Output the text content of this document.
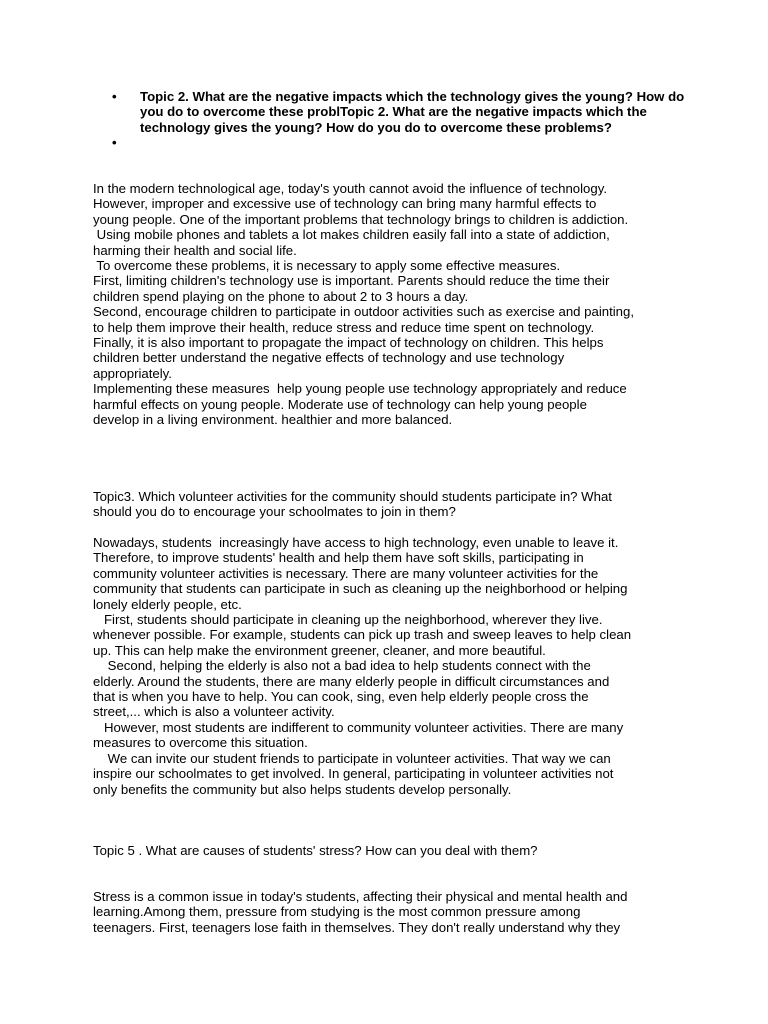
• Topic 2. What are the negative impacts which the technology gives the young? How do you do to overcome these problTopic 2. What are the negative impacts which the technology gives the young? How do you do to overcome these problems?
•
In the modern technological age, today's youth cannot avoid the influence of technology.
However, improper and excessive use of technology can bring many harmful effects to
young people. One of the important problems that technology brings to children is addiction.
Using mobile phones and tablets a lot makes children easily fall into a state of addiction,
harming their health and social life.
To overcome these problems, it is necessary to apply some effective measures.
First, limiting children's technology use is important. Parents should reduce the time their
children spend playing on the phone to about 2 to 3 hours a day.
Second, encourage children to participate in outdoor activities such as exercise and painting,
to help them improve their health, reduce stress and reduce time spent on technology.
Finally, it is also important to propagate the impact of technology on children. This helps
children better understand the negative effects of technology and use technology
appropriately.
Implementing these measures  help young people use technology appropriately and reduce
harmful effects on young people. Moderate use of technology can help young people
develop in a living environment. healthier and more balanced.
Topic3. Which volunteer activities for the community should students participate in? What
should you do to encourage your schoolmates to join in them?
Nowadays, students  increasingly have access to high technology, even unable to leave it.
Therefore, to improve students' health and help them have soft skills, participating in
community volunteer activities is necessary. There are many volunteer activities for the
community that students can participate in such as cleaning up the neighborhood or helping
lonely elderly people, etc.
First, students should participate in cleaning up the neighborhood, wherever they live.
whenever possible. For example, students can pick up trash and sweep leaves to help clean
up. This can help make the environment greener, cleaner, and more beautiful.
Second, helping the elderly is also not a bad idea to help students connect with the
elderly. Around the students, there are many elderly people in difficult circumstances and
that is when you have to help. You can cook, sing, even help elderly people cross the
street,... which is also a volunteer activity.
However, most students are indifferent to community volunteer activities. There are many
measures to overcome this situation.
We can invite our student friends to participate in volunteer activities. That way we can
inspire our schoolmates to get involved. In general, participating in volunteer activities not
only benefits the community but also helps students develop personally.
Topic 5 . What are causes of students' stress? How can you deal with them?
Stress is a common issue in today's students, affecting their physical and mental health and
learning.Among them, pressure from studying is the most common pressure among
teenagers. First, teenagers lose faith in themselves. They don't really understand why they
